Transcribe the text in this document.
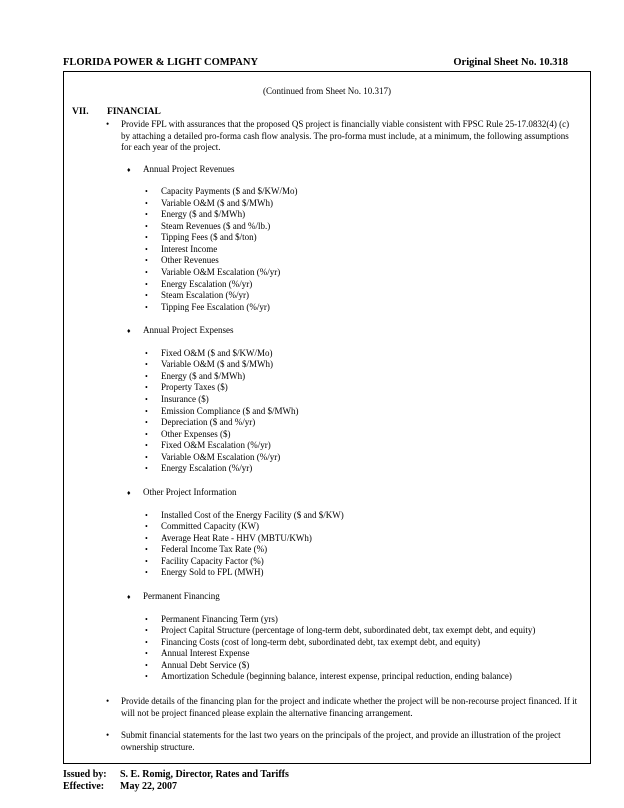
FLORIDA POWER & LIGHT COMPANY	Original Sheet No. 10.318
(Continued from Sheet No. 10.317)
VII. FINANCIAL
• Provide FPL with assurances that the proposed QS project is financially viable consistent with FPSC Rule 25-17.0832(4) (c)
by attaching a detailed pro-forma cash flow analysis. The pro-forma must include, at a minimum, the following assumptions
for each year of the project.
♦ Annual Project Revenues
• Capacity Payments ($ and $/KW/Mo)
• Variable O&M ($ and $/MWh)
• Energy ($ and $/MWh)
• Steam Revenues ($ and %/lb.)
• Tipping Fees ($ and $/ton)
• Interest Income
• Other Revenues
• Variable O&M Escalation (%/yr)
• Energy Escalation (%/yr)
• Steam Escalation (%/yr)
• Tipping Fee Escalation (%/yr)
♦ Annual Project Expenses
• Fixed O&M ($ and $/KW/Mo)
• Variable O&M ($ and $/MWh)
• Energy ($ and $/MWh)
• Property Taxes ($)
• Insurance ($)
• Emission Compliance ($ and $/MWh)
• Depreciation ($ and %/yr)
• Other Expenses ($)
• Fixed O&M Escalation (%/yr)
• Variable O&M Escalation (%/yr)
• Energy Escalation (%/yr)
♦ Other Project Information
• Installed Cost of the Energy Facility ($ and $/KW)
• Committed Capacity (KW)
• Average Heat Rate - HHV (MBTU/KWh)
• Federal Income Tax Rate (%)
• Facility Capacity Factor (%)
• Energy Sold to FPL (MWH)
♦ Permanent Financing
• Permanent Financing Term (yrs)
• Project Capital Structure (percentage of long-term debt, subordinated debt, tax exempt debt, and equity)
• Financing Costs (cost of long-term debt, subordinated debt, tax exempt debt, and equity)
• Annual Interest Expense
• Annual Debt Service ($)
• Amortization Schedule (beginning balance, interest expense, principal reduction, ending balance)
• Provide details of the financing plan for the project and indicate whether the project will be non-recourse project financed. If it
will not be project financed please explain the alternative financing arrangement.
• Submit financial statements for the last two years on the principals of the project, and provide an illustration of the project
ownership structure.
Issued by: S. E. Romig, Director, Rates and Tariffs
Effective: May 22, 2007
